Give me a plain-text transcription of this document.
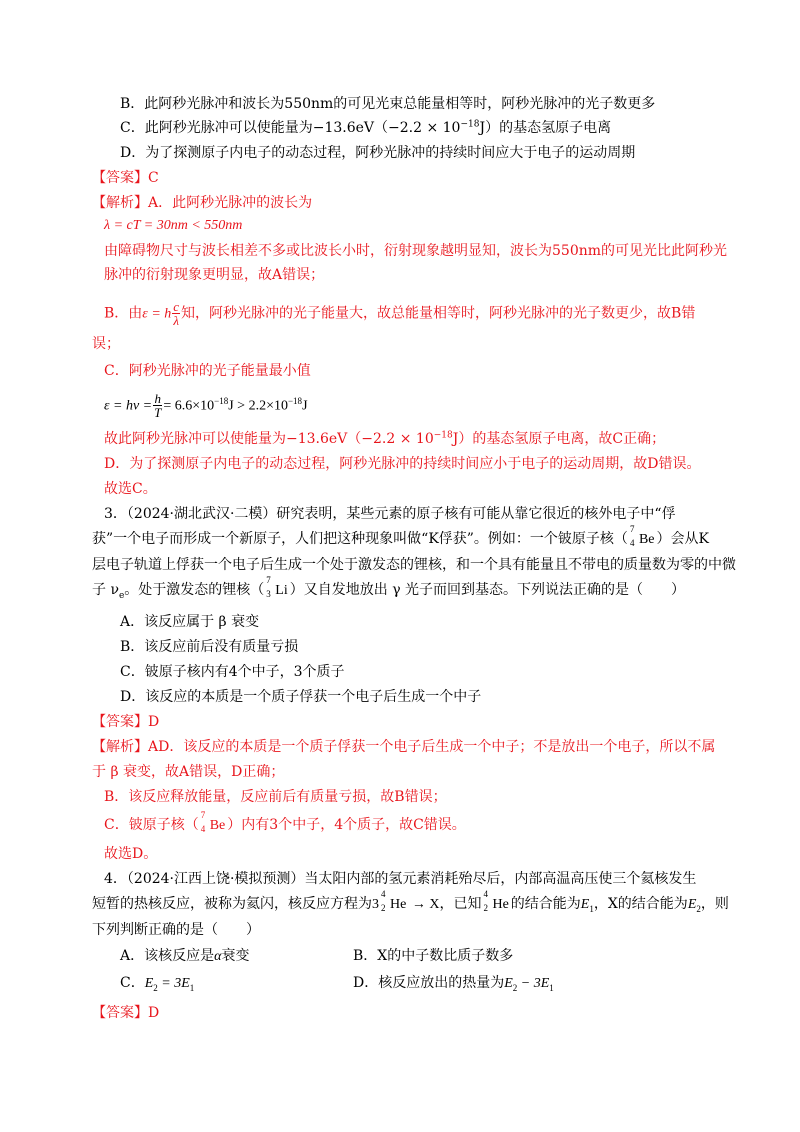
B．此阿秒光脉冲和波长为550nm的可见光束总能量相等时，阿秒光脉冲的光子数更多
C．此阿秒光脉冲可以使能量为$-13.6eV(-2.2 \times 10^{-18}J)$的基态氢原子电离
D．为了探测原子内电子的动态过程，阿秒光脉冲的持续时间应大于电子的运动周期
【答案】C
【解析】A．此阿秒光脉冲的波长为
λ = cT = 30nm < 550nm
由障碍物尺寸与波长相差不多或比波长小时，衍射现象越明显知，波长为550nm的可见光比此阿秒光
脉冲的衍射现象更明显，故A错误；
B．由ε = h $\frac{c}{\lambda}$ 知，阿秒光脉冲的光子能量大，故总能量相等时，阿秒光脉冲的光子数更少，故B错
误；
C．阿秒光脉冲的光子能量最小值
$\varepsilon = h\nu = \frac{h}{T} = 6.6\times 10^{-18}J > 2.2\times 10^{-18}J$
故此阿秒光脉冲可以使能量为$-13.6eV(-2.2 \times 10^{-18}J)$的基态氢原子电离，故C正确；
D．为了探测原子内电子的动态过程，阿秒光脉冲的持续时间应小于电子的运动周期，故D错误。
故选C。
3．（2024·湖北武汉·二模）研究表明，某些元素的原子核有可能从靠它很近的核外电子中“俘
获”一个电子而形成一个新原子，人们把这种现象叫做“K俘获”。例如：一个铍原子核（
7
4 Be ）会从K
层电子轨道上俘获一个电子后生成一个处于激发态的锂核，和一个具有能量且不带电的质量数为零的中微
子 $\nu_e$。处于激发态的锂核（
7
3 Li ）又自发地放出 γ 光子而回到基态。下列说法正确的是（　　）
A．该反应属于 β 衰变
B．该反应前后没有质量亏损
C．铍原子核内有4个中子，3个质子
D．该反应的本质是一个质子俘获一个电子后生成一个中子
【答案】D
【解析】AD．该反应的本质是一个质子俘获一个电子后生成一个中子；不是放出一个电子，所以不属
于 β 衰变，故A错误，D正确；
B．该反应释放能量，反应前后有质量亏损，故B错误；
C．铍原子核（
7
4 Be ）内有3个中子，4个质子，故C错误。
故选D。
4．（2024·江西上饶·模拟预测）当太阳内部的氢元素消耗殆尽后，内部高温高压使三个氦核发生
短暂的热核反应，被称为氦闪，核反应方程为3
4
2 He → X，已知
4
2 He 的结合能为$E_1$，X的结合能为$E_2$，则
下列判断正确的是（　　）
A．该核反应是α衰变	B．X的中子数比质子数多
C．$E_2 = 3E_1$	D．核反应放出的热量为$E_2 - 3E_1$
【答案】D
